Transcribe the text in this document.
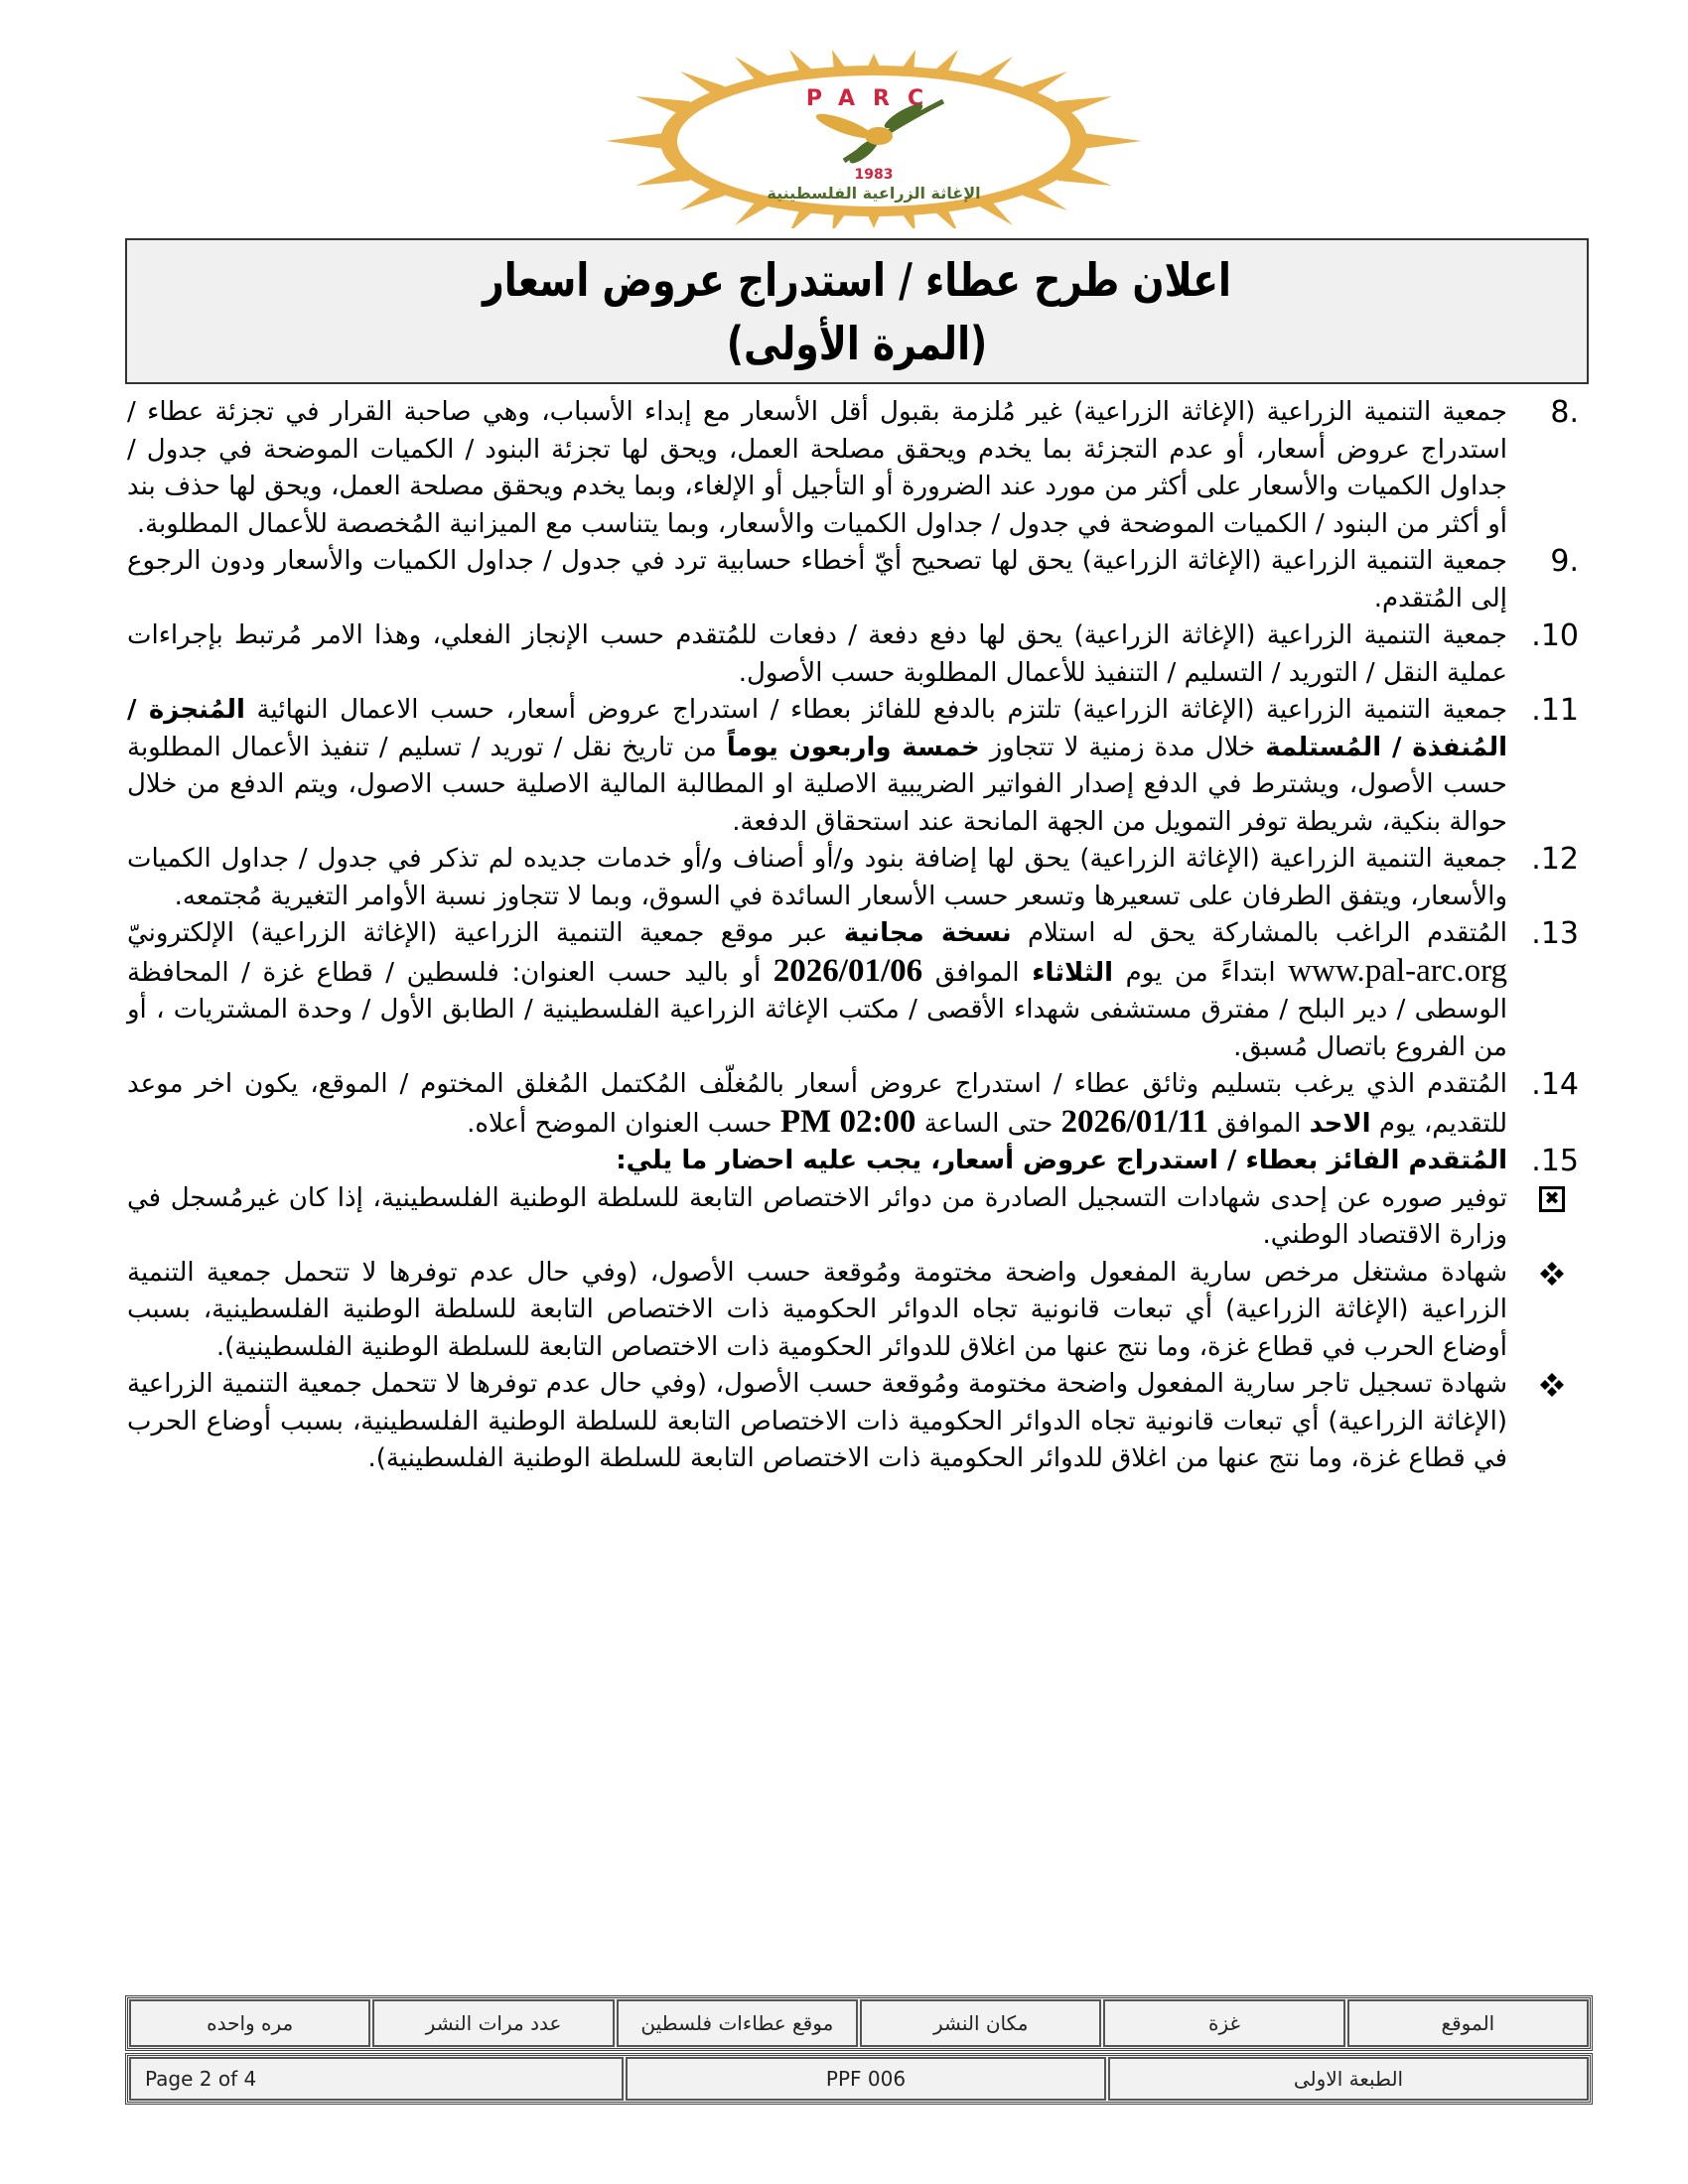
PARC
1983
الإغاثة الزراعية الفلسطينية
اعلان طرح عطاء / استدراج عروض اسعار
(المرة الأولى)
8.

جمعية التنمية الزراعية (الإغاثة الزراعية) غير مُلزمة بقبول أقل الأسعار مع إبداء الأسباب، وهي صاحبة القرار في تجزئة عطاء / استدراج عروض أسعار، أو عدم التجزئة بما يخدم ويحقق مصلحة العمل، ويحق لها تجزئة البنود / الكميات الموضحة في جدول / جداول الكميات والأسعار على أكثر من مورد عند الضرورة أو التأجيل أو الإلغاء، وبما يخدم ويحقق مصلحة العمل، ويحق لها حذف بند أو أكثر من البنود / الكميات الموضحة في جدول / جداول الكميات والأسعار، وبما يتناسب مع الميزانية المُخصصة للأعمال المطلوبة.

9.

جمعية التنمية الزراعية (الإغاثة الزراعية) يحق لها تصحيح أيّ أخطاء حسابية ترد في جدول / جداول الكميات والأسعار ودون الرجوع إلى المُتقدم.

.10

جمعية التنمية الزراعية (الإغاثة الزراعية) يحق لها دفع دفعة / دفعات للمُتقدم حسب الإنجاز الفعلي، وهذا الامر مُرتبط بإجراءات عملية النقل / التوريد / التسليم / التنفيذ للأعمال المطلوبة حسب الأصول.

.11

جمعية التنمية الزراعية (الإغاثة الزراعية) تلتزم بالدفع للفائز بعطاء / استدراج عروض أسعار، حسب الاعمال النهائية المُنجزة / المُنفذة / المُستلمة خلال مدة زمنية لا تتجاوز خمسة واربعون يوماً من تاريخ نقل / توريد / تسليم / تنفيذ الأعمال المطلوبة حسب الأصول، ويشترط في الدفع إصدار الفواتير الضريبية الاصلية او المطالبة المالية الاصلية حسب الاصول، ويتم الدفع من خلال حوالة بنكية، شريطة توفر التمويل من الجهة المانحة عند استحقاق الدفعة.

.12

جمعية التنمية الزراعية (الإغاثة الزراعية) يحق لها إضافة بنود و/أو أصناف و/أو خدمات جديده لم تذكر في جدول / جداول الكميات والأسعار، ويتفق الطرفان على تسعيرها وتسعر حسب الأسعار السائدة في السوق، وبما لا تتجاوز نسبة الأوامر التغيرية مُجتمعه.

.13

المُتقدم الراغب بالمشاركة يحق له استلام نسخة مجانية عبر موقع جمعية التنمية الزراعية (الإغاثة الزراعية) الإلكترونيّ www.pal-arc.org ابتداءً من يوم الثلاثاء الموافق 2026/01/06 أو باليد حسب العنوان: فلسطين / قطاع غزة / المحافظة الوسطى / دير البلح / مفترق مستشفى شهداء الأقصى / مكتب الإغاثة الزراعية الفلسطينية / الطابق الأول / وحدة المشتريات ، أو من الفروع باتصال مُسبق.

.14

المُتقدم الذي يرغب بتسليم وثائق عطاء / استدراج عروض أسعار بالمُغلّف المُكتمل المُغلق المختوم / الموقع، يكون اخر موعد للتقديم، يوم الاحد الموافق 2026/01/11 حتى الساعة 02:00 PM حسب العنوان الموضح أعلاه.

.15

المُتقدم الفائز بعطاء / استدراج عروض أسعار، يجب عليه احضار ما يلي:

✖

توفير صوره عن إحدى شهادات التسجيل الصادرة من دوائر الاختصاص التابعة للسلطة الوطنية الفلسطينية، إذا كان غيرمُسجل في وزارة الاقتصاد الوطني.

شهادة مشتغل مرخص سارية المفعول واضحة مختومة ومُوقعة حسب الأصول، (وفي حال عدم توفرها لا تتحمل جمعية التنمية الزراعية (الإغاثة الزراعية) أي تبعات قانونية تجاه الدوائر الحكومية ذات الاختصاص التابعة للسلطة الوطنية الفلسطينية، بسبب أوضاع الحرب في قطاع غزة، وما نتج عنها من اغلاق للدوائر الحكومية ذات الاختصاص التابعة للسلطة الوطنية الفلسطينية).

شهادة تسجيل تاجر سارية المفعول واضحة مختومة ومُوقعة حسب الأصول، (وفي حال عدم توفرها لا تتحمل جمعية التنمية الزراعية (الإغاثة الزراعية) أي تبعات قانونية تجاه الدوائر الحكومية ذات الاختصاص التابعة للسلطة الوطنية الفلسطينية، بسبب أوضاع الحرب في قطاع غزة، وما نتج عنها من اغلاق للدوائر الحكومية ذات الاختصاص التابعة للسلطة الوطنية الفلسطينية).

الموقع
غزة
مكان النشر
موقع عطاءات فلسطين
عدد مرات النشر
مره واحده
الطبعة الاولى
PPF 006
Page 2 of 4
